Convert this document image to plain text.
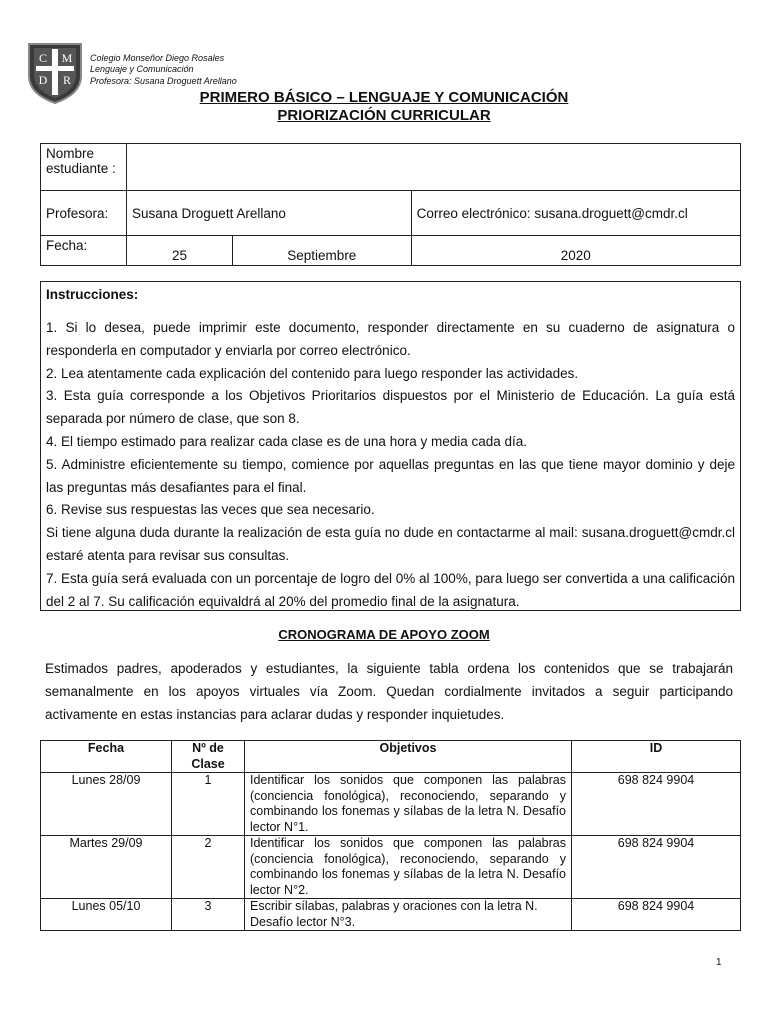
C M
D R
Colegio Monseñor Diego Rosales
Lenguaje y Comunicación
Profesora: Susana Droguett Arellano
PRIMERO BÁSICO – LENGUAJE Y COMUNICACIÓN
PRIORIZACIÓN CURRICULAR
Nombre estudiante :			
Profesora:	Susana Droguett Arellano		Correo electrónico: susana.droguett@cmdr.cl
Fecha:	25	Septiembre	2020

Instrucciones:

1. Si lo desea, puede imprimir este documento, responder directamente en su cuaderno de asignatura o responderla en computador y enviarla por correo electrónico.

2. Lea atentamente cada explicación del contenido para luego responder las actividades.

3. Esta guía corresponde a los Objetivos Prioritarios dispuestos por el Ministerio de Educación. La guía está separada por número de clase, que son 8.

4. El tiempo estimado para realizar cada clase es de una hora y media cada día.

5. Administre eficientemente su tiempo, comience por aquellas preguntas en las que tiene mayor dominio y deje las preguntas más desafiantes para el final.

6. Revise sus respuestas las veces que sea necesario.

Si tiene alguna duda durante la realización de esta guía no dude en contactarme al mail: susana.droguett@cmdr.cl estaré atenta para revisar sus consultas.

7. Esta guía será evaluada con un porcentaje de logro del 0% al 100%, para luego ser convertida a una calificación del 2 al 7. Su calificación equivaldrá al 20% del promedio final de la asignatura.

CRONOGRAMA DE APOYO ZOOM
Estimados padres, apoderados y estudiantes, la siguiente tabla ordena los contenidos que se trabajarán semanalmente en los apoyos virtuales vía Zoom. Quedan cordialmente invitados a seguir participando activamente en estas instancias para aclarar dudas y responder inquietudes.
Fecha	Nº de Clase	Objetivos	ID
Lunes 28/09	1	Identificar los sonidos que componen las palabras (conciencia fonológica), reconociendo, separando y combinando los fonemas y sílabas de la letra N. Desafío lector N°1.	698 824 9904
Martes 29/09	2	Identificar los sonidos que componen las palabras (conciencia fonológica), reconociendo, separando y combinando los fonemas y sílabas de la letra N. Desafío lector N°2.	698 824 9904
Lunes 05/10	3	Escribir sílabas, palabras y oraciones con la letra N.
Desafío lector N°3.	698 824 9904
1
